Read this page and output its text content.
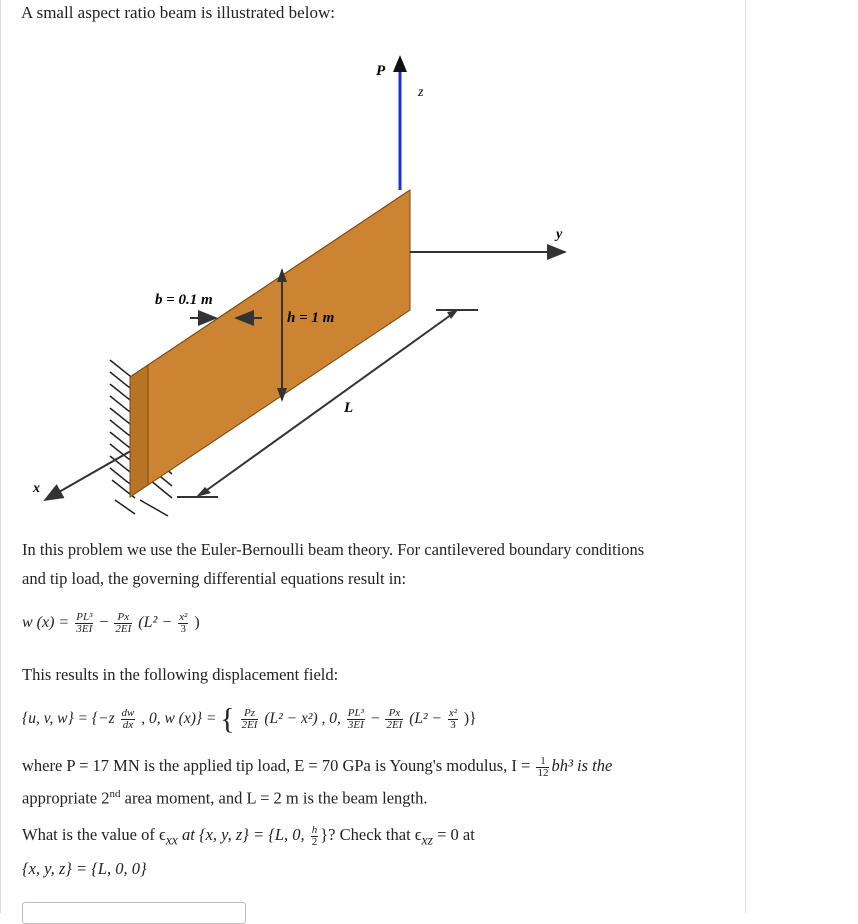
A small aspect ratio beam is illustrated below:
x
P
z
y
b = 0.1 m
h = 1 m
L
In this problem we use the Euler-Bernoulli beam theory. For cantilevered boundary conditions
and tip load, the governing differential equations result in:
w $(x) = \frac{\text{PL³}}{3EI} - \frac{Px}{2EI} (L^2 - \frac{\text{x²}}{3}$ )
This results in the following displacement field:
{u, v, $w\} = \{-z \frac{dw}{dx}$ , 0, w (x)} = { $\frac{Pz}{2EI} (L^2 - x^2)$ , 0, $\frac{\text{PL³}}{3EI} - \frac{Px}{2EI} (L^2 - \frac{\text{x²}}{3}$ )}
where P = 17 MN is the applied tip load, E = 70 GPa is Young's modulus, $I = \frac{1}{12} bh^3$ is the
appropriate 2nd area moment, and L = 2 m is the beam length.
What is the value of $\epsilon_{xx}$ at {x, y, z} = {L, 0, $\frac{h}{2}$ }? Check that $\epsilon_{xz} = 0$ at
{x, y, z} = {L, 0, 0}
